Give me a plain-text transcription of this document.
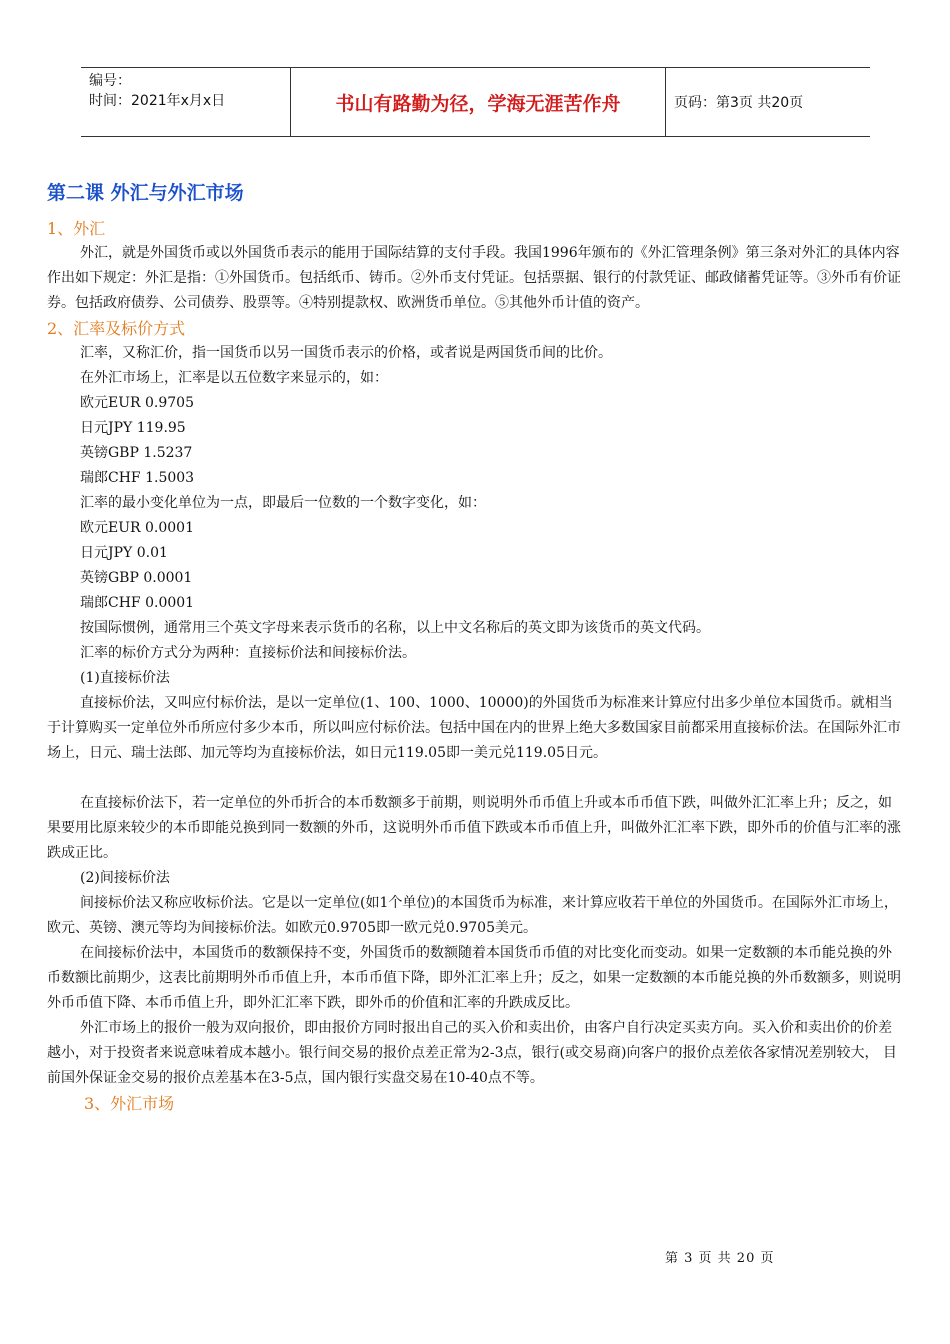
编号：
时间：2021年x月x日	书山有路勤为径，学海无涯苦作舟	页码：第3页 共20页
第二课 外汇与外汇市场
1、外汇

外汇，就是外国货币或以外国货币表示的能用于国际结算的支付手段。我国1996年颁布的《外汇管理条例》第三条对外汇的具体内容作出如下规定：外汇是指：①外国货币。包括纸币、铸币。②外币支付凭证。包括票据、银行的付款凭证、邮政储蓄凭证等。③外币有价证券。包括政府债券、公司债券、股票等。④特别提款权、欧洲货币单位。⑤其他外币计值的资产。

2、汇率及标价方式
汇率，又称汇价，指一国货币以另一国货币表示的价格，或者说是两国货币间的比价。
在外汇市场上，汇率是以五位数字来显示的，如：
欧元EUR 0.9705
日元JPY 119.95
英镑GBP 1.5237
瑞郎CHF 1.5003
汇率的最小变化单位为一点，即最后一位数的一个数字变化，如：
欧元EUR 0.0001
日元JPY 0.01
英镑GBP 0.0001
瑞郎CHF 0.0001
按国际惯例，通常用三个英文字母来表示货币的名称，以上中文名称后的英文即为该货币的英文代码。
汇率的标价方式分为两种：直接标价法和间接标价法。
(1)直接标价法

直接标价法，又叫应付标价法，是以一定单位(1、100、1000、10000)的外国货币为标准来计算应付出多少单位本国货币。就相当于计算购买一定单位外币所应付多少本币，所以叫应付标价法。包括中国在内的世界上绝大多数国家目前都采用直接标价法。在国际外汇市场上，日元、瑞士法郎、加元等均为直接标价法，如日元119.05即一美元兑119.05日元。

在直接标价法下，若一定单位的外币折合的本币数额多于前期，则说明外币币值上升或本币币值下跌，叫做外汇汇率上升；反之，如果要用比原来较少的本币即能兑换到同一数额的外币，这说明外币币值下跌或本币币值上升，叫做外汇汇率下跌，即外币的价值与汇率的涨跌成正比。

(2)间接标价法

间接标价法又称应收标价法。它是以一定单位(如1个单位)的本国货币为标准，来计算应收若干单位的外国货币。在国际外汇市场上，欧元、英镑、澳元等均为间接标价法。如欧元0.9705即一欧元兑0.9705美元。

在间接标价法中，本国货币的数额保持不变，外国货币的数额随着本国货币币值的对比变化而变动。如果一定数额的本币能兑换的外币数额比前期少，这表比前期明外币币值上升，本币币值下降，即外汇汇率上升；反之，如果一定数额的本币能兑换的外币数额多，则说明外币币值下降、本币币值上升，即外汇汇率下跌，即外币的价值和汇率的升跌成反比。

外汇市场上的报价一般为双向报价，即由报价方同时报出自己的买入价和卖出价，由客户自行决定买卖方向。买入价和卖出价的价差越小，对于投资者来说意味着成本越小。银行间交易的报价点差正常为2-3点，银行(或交易商)向客户的报价点差依各家情况差别较大， 目前国外保证金交易的报价点差基本在3-5点，国内银行实盘交易在10-40点不等。

3、外汇市场
第 3 页 共 20 页
